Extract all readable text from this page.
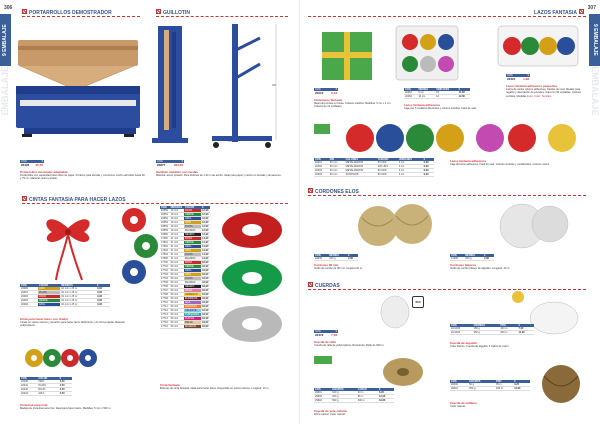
306
9 EMBALAJE
EMBALAJE
PORTARROLLOS DEMOSTRADOR
COD.	€
20426 35,50
Portarrollos mostrador adaptable
Portarrollos con capacidad para rollos de papel. Perfecto para tiendas y comercios. Ancho admitido hasta 60 y 75 cm. Material: acero pintado.
GUILLOTIN
180
125
COD.	€
20877	294,00
Guillotin metálico con ruedas
Material: acero pintado. Para bobinas de 1,20 m de ancho. Ideal para papel y cartón en tiendas y almacenes.
CINTAS FANTASIA PARA HACER LAZOS
COD.	COLOR	MEDIDAS	€
20290	ORO	10 mm x 25 m	0,90
20291	PLATA	10 mm x 25 m	0,90
20292	ROJO	10 mm x 25 m	0,90
20293	VERDE	10 mm x 25 m	0,90
20294	AZUL	10 mm x 25 m	0,90
Cinta para hacer lazos con tirador
Cintas en varios colores y tamaños para hacer lazos fácilmente y de forma rápida. Material: polipropileno.
COD.	COLOR	€
22240	ORO	4,50
22241	PLATA	4,50
22242	ROJO	4,50
22243	AZUL	4,50
Cinta lisa para rizar
Madeja de cinta lisa para rizar. Ideal para hacer lazos. Medidas: 5 mm x 500 m.
COD.	MEDIDAS	COLOR	€
16550	19 mm	ROJO	12,90
16551	19 mm	VERDE	12,90
16552	19 mm	AZUL	12,90
16553	19 mm	ORO	12,90
16554	19 mm	PLATA	12,90
16555	19 mm	BLANCO	12,90
16556	19 mm	NEGRO	12,90
17600	31 mm	ROJO	14,90
17601	31 mm	VERDE	14,90
17602	31 mm	AZUL	14,90
17603	31 mm	ORO	14,90
17604	31 mm	PLATA	14,90
17605	31 mm	BLANCO	14,90
17700	50 mm	ROJO	18,90
17701	50 mm	VERDE	18,90
17702	50 mm	AZUL	18,90
17703	50 mm	ORO	18,90
17704	50 mm	PLATA	18,90
17705	50 mm	BLANCO	18,90
17706	50 mm	NEGRO	18,90
17707	50 mm	ROSA	18,90
17708	50 mm	AMARILLO	18,90
17709	50 mm	BURDEOS	18,90
17710	50 mm	LILA	18,90
17711	50 mm	NARANJA	18,90
17712	50 mm	CELESTE	18,90
17713	50 mm	TURQUESA	18,90
17714	50 mm	FUCSIA	18,90
17715	50 mm	BEIGE	18,90
17716	50 mm	MARRÓN	18,90
Cinta fantasía
Bobinas de cinta fantasía, ideal para hacer lazos. Disponible en varios colores. Longitud: 10 m.
307
9 EMBALAJE
EMBALAJE
LAZOS FANTASIA
COD.	€
20212	0,13
Cinta lazos fantasía
Ideal para cintas en bolsa. Colores surtidos. Medidas: 5 cm x 2 cm. Colores de 10 unidades.
COD.	MEDIDA	UNIDADES	€
22251	5 cm	24	11,60
22252	10 cm	12	12,80
Lazos fantasía adhesivos
Caja con 5 modelos diferentes y colores surtidos. Fácil de usar.
COD.	€
22321	1,98
Lazos fantasía adhesivos pequeños
Lazos de varios colores adhesivos. Fáciles de usar. Ideales para regalos y decoración de envases. Caja con 50 unidades. Colores surtidos. Medidas 4 cm. Color: Surtidos
COD.	MM	COLORES	TAMAÑO	UNIDADES	€
22301	30 mm	METALIZADOS	50 UDS	2 cm	6,90
22302	30 mm	METALIZADOS	100 UDS	2 cm	9,90
22303	40 mm	METALIZADOS	50 UDS	3 cm	8,90
22304	50 mm	SURTIDOS	50 UDS	4 cm	9,90
Lazos fantasía adhesivos
Caja de lazos adhesivos. Fácil de usar. Colores surtidos y metalizados. Colores varios.
CORDONES ELOS
COD.	MEDIDA	€
22644	100 g	2,98
Cordones 90 mm
Ovillo de cordón de 90 mm, longitud 20 m.
COD.	MEDIDA	€
17405	200 g	2,98
Cordones blancos
Ovillo de cordón blanco de algodón. Longitud: 40 m.
CUERDAS
600
COD.	€
22479	7,08
Cuerda de rafia
Cuerda de rafia de polipropileno. Resistente. Rollo de 600 m.
COD.	GRAMOS	PRO	€
22-0183	150 g	100 m	7,60
22-0184	250 g	200 m	11,90
Cuerda de algodón
Color blanco. Cuerda de algodón 3 cabos de nylon.
COD.	GRAMOS	LARGO	€
29601	100 g	43 m	6,90
29602	200 g	86 m	12,90
29603	500 g	200 m	19,80
Cuerda de yute natural
Fibra natural. Color natural.
COD.	GRAMOS	PRO	€
20000	50 g	35 m	3,20
20001	250 g	160 m	12,90
Cuerda de cáñamo
Color natural.
